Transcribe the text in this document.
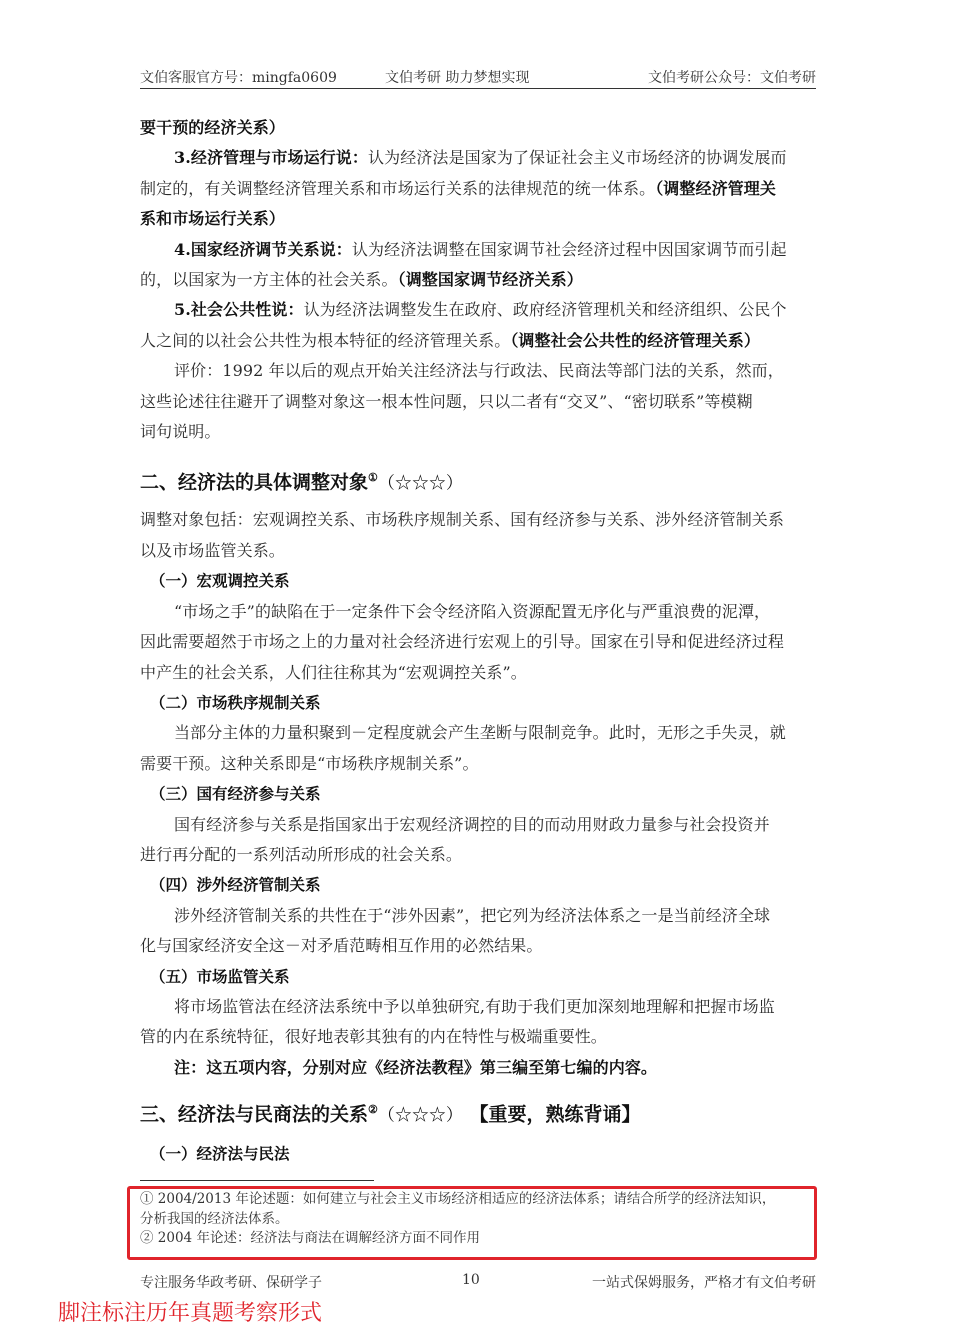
文伯客服官方号：mingfa0609	文伯考研 助力梦想实现	文伯考研公众号：文伯考研
要干预的经济关系）
3.经济管理与市场运行说：认为经济法是国家为了保证社会主义市场经济的协调发展而
制定的，有关调整经济管理关系和市场运行关系的法律规范的统一体系。（调整经济管理关
系和市场运行关系）
4.国家经济调节关系说：认为经济法调整在国家调节社会经济过程中因国家调节而引起
的，以国家为一方主体的社会关系。（调整国家调节经济关系）
5.社会公共性说：认为经济法调整发生在政府、政府经济管理机关和经济组织、公民个
人之间的以社会公共性为根本特征的经济管理关系。（调整社会公共性的经济管理关系）
评价：1992 年以后的观点开始关注经济法与行政法、民商法等部门法的关系，然而，
这些论述往往避开了调整对象这一根本性问题，只以二者有“交叉”、“密切联系”等模糊
词句说明。
二、经济法的具体调整对象①（☆☆☆）
调整对象包括：宏观调控关系、市场秩序规制关系、国有经济参与关系、涉外经济管制关系
以及市场监管关系。
（一）宏观调控关系
“市场之手”的缺陷在于一定条件下会令经济陷入资源配置无序化与严重浪费的泥潭，
因此需要超然于市场之上的力量对社会经济进行宏观上的引导。国家在引导和促进经济过程
中产生的社会关系，人们往往称其为“宏观调控关系”。
（二）市场秩序规制关系
当部分主体的力量积聚到－定程度就会产生垄断与限制竞争。此时，无形之手失灵，就
需要干预。这种关系即是“市场秩序规制关系”。
（三）国有经济参与关系
国有经济参与关系是指国家出于宏观经济调控的目的而动用财政力量参与社会投资并
进行再分配的一系列活动所形成的社会关系。
（四）涉外经济管制关系
涉外经济管制关系的共性在于“涉外因素”，把它列为经济法体系之一是当前经济全球
化与国家经济安全这－对矛盾范畴相互作用的必然结果。
（五）市场监管关系
将市场监管法在经济法系统中予以单独研究,有助于我们更加深刻地理解和把握市场监
管的内在系统特征，很好地表彰其独有的内在特性与极端重要性。
注：这五项内容，分别对应《经济法教程》第三编至第七编的内容。
三、经济法与民商法的关系②（☆☆☆） 【重要，熟练背诵】
（一）经济法与民法
① 2004/2013 年论述题：如何建立与社会主义市场经济相适应的经济法体系；请结合所学的经济法知识，
分析我国的经济法体系。
② 2004 年论述：经济法与商法在调解经济方面不同作用
专注服务华政考研、保研学子	10	一站式保姆服务，严格才有文伯考研
脚注标注历年真题考察形式
